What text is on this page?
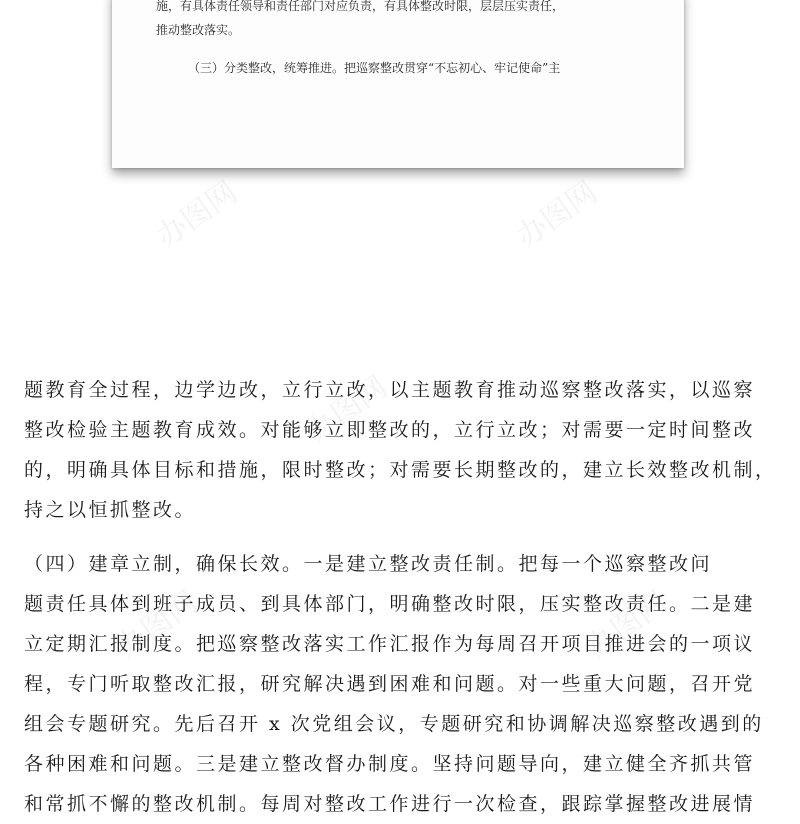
施，有具体责任领导和责任部门对应负责，有具体整改时限，层层压实责任，
推动整改落实。
（三）分类整改，统筹推进。把巡察整改贯穿“不忘初心、牢记使命”主
办图网	办图网
办图网
办图网	办图网
题教育全过程，边学边改，立行立改，以主题教育推动巡察整改落实，以巡察
整改检验主题教育成效。对能够立即整改的，立行立改；对需要一定时间整改
的，明确具体目标和措施，限时整改；对需要长期整改的，建立长效整改机制，
持之以恒抓整改。
（四）建章立制，确保长效。一是建立整改责任制。把每一个巡察整改问
题责任具体到班子成员、到具体部门，明确整改时限，压实整改责任。二是建
立定期汇报制度。把巡察整改落实工作汇报作为每周召开项目推进会的一项议
程，专门听取整改汇报，研究解决遇到困难和问题。对一些重大问题，召开党
组会专题研究。先后召开 x 次党组会议，专题研究和协调解决巡察整改遇到的
各种困难和问题。三是建立整改督办制度。坚持问题导向，建立健全齐抓共管
和常抓不懈的整改机制。每周对整改工作进行一次检查，跟踪掌握整改进展情
